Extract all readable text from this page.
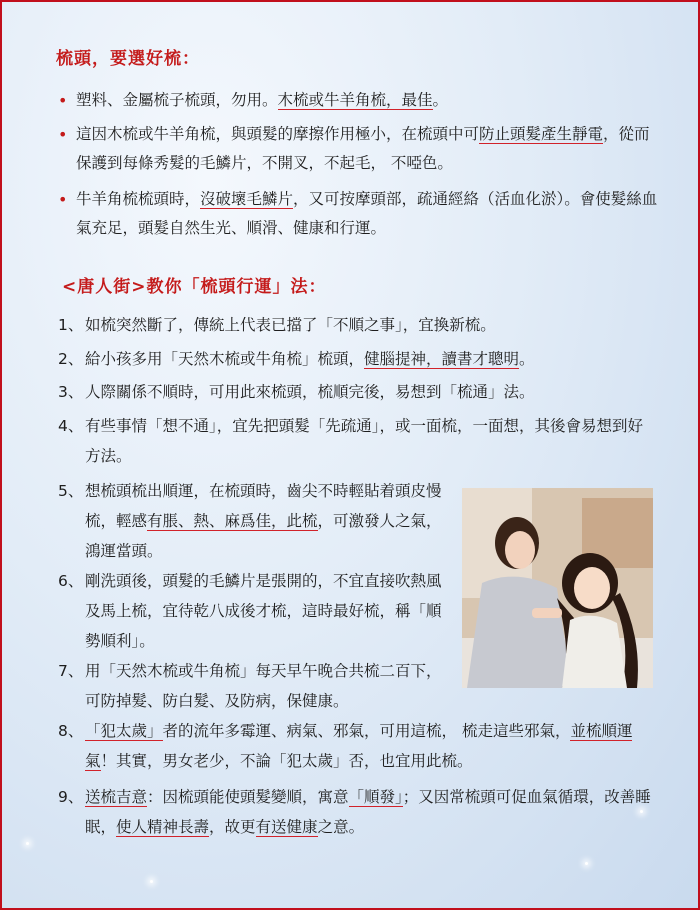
梳頭，要選好梳：
• 塑料、金屬梳子梳頭，勿用。木梳或牛羊角梳，最佳。
• 這因木梳或牛羊角梳，與頭髮的摩擦作用極小，在梳頭中可防止頭髮產生靜電，從而保護到每條秀髮的毛鱗片，不開叉，不起毛， 不啞色。
• 牛羊角梳梳頭時，沒破壞毛鱗片，又可按摩頭部，疏通經絡（活血化淤）。會使髮絲血氣充足，頭髮自然生光、順滑、健康和行運。
<唐人街>教你「梳頭行運」法：
1、 如梳突然斷了，傳統上代表已擋了「不順之事」，宜換新梳。
2、 給小孩多用「天然木梳或牛角梳」梳頭，健腦提神，讀書才聰明。
3、 人際關係不順時，可用此來梳頭，梳順完後，易想到「梳通」法。
4、 有些事情「想不通」，宜先把頭髮「先疏通」，或一面梳，一面想，其後會易想到好方法。
5、 想梳頭梳出順運，在梳頭時，齒尖不時輕貼着頭皮慢梳，輕感有脹、熱、麻爲佳，此梳，可激發人之氣，鴻運當頭。
6、 剛洗頭後，頭髮的毛鱗片是張開的，不宜直接吹熱風及馬上梳，宜待乾八成後才梳，這時最好梳，稱「順勢順利」。
7、 用「天然木梳或牛角梳」每天早午晚合共梳二百下，可防掉髮、防白髮、及防病，保健康。
8、 「犯太歲」者的流年多霉運、病氣、邪氣，可用這梳， 梳走這些邪氣，並梳順運氣！其實，男女老少，不論「犯太歲」否，也宜用此梳。
9、 送梳吉意：因梳頭能使頭髮變順，寓意「順發」；又因常梳頭可促血氣循環，改善睡眠，使人精神長壽，故更有送健康之意。
